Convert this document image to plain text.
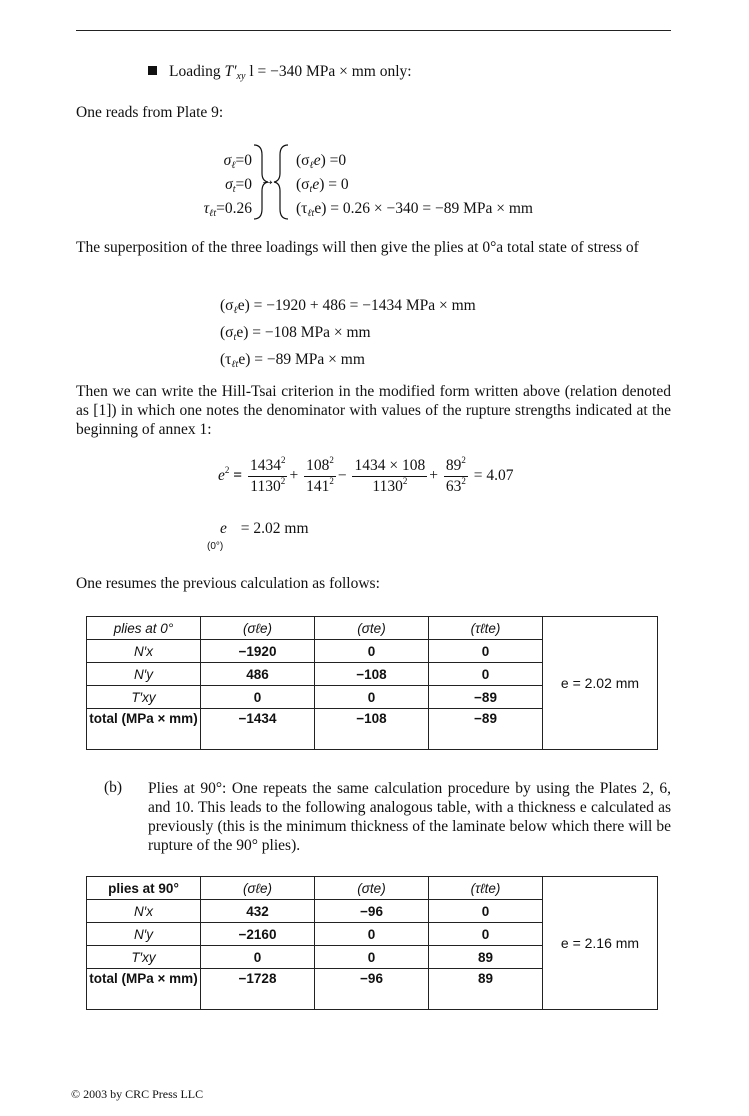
Loading $T'_{xy}$ l = −340 MPa × mm only:
One reads from Plate 9:
$\sigma_\ell=0$
$\sigma_t=0$
$\tau_{\ell t}=0.26$
→
$(\sigma_\ell e) =0$
$(\sigma_te) = 0$
$(\tau_{\ell t}e) = 0.26 \times -340 = -89$ MPa × mm
The superposition of the three loadings will then give the plies at 0°a total state of stress of
$(\sigma_\ell e) = -1920 + 486 = -1434$ MPa × mm
$(\sigma_te) = -108$ MPa × mm
$(\tau_{\ell t}e) = -89$ MPa × mm
Then we can write the Hill-Tsai criterion in the modified form written above (relation denoted as [1]) in which one notes the denominator with values of the rupture strengths indicated at the beginning of annex 1:
$e^2 = \frac{1434^2}{1130^2} + \frac{108^2}{141^2} - \frac{1434 \times 108}{1130^2} + \frac{89^2}{63^2} = 4.07$
e = 2.02 mm
(0°)
One resumes the previous calculation as follows:
plies at 0°	(σℓe)	(σte)	(τℓte)	e = 2.02 mm
N′x	−1920	0	0	
N′y	486	−108	0	
T′xy	0	0	−89	
total (MPa × mm)	−1434	−108	−89	
(b) Plies at 90°: One repeats the same calculation procedure by using the Plates 2, 6, and 10. This leads to the following analogous table, with a thickness e calculated as previously (this is the minimum thickness of the laminate below which there will be rupture of the 90° plies).
plies at 90°	(σℓe)	(σte)	(τℓte)	e = 2.16 mm
N′x	432	−96	0	
N′y	−2160	0	0	
T′xy	0	0	89	
total (MPa × mm)	−1728	−96	89	
© 2003 by CRC Press LLC
